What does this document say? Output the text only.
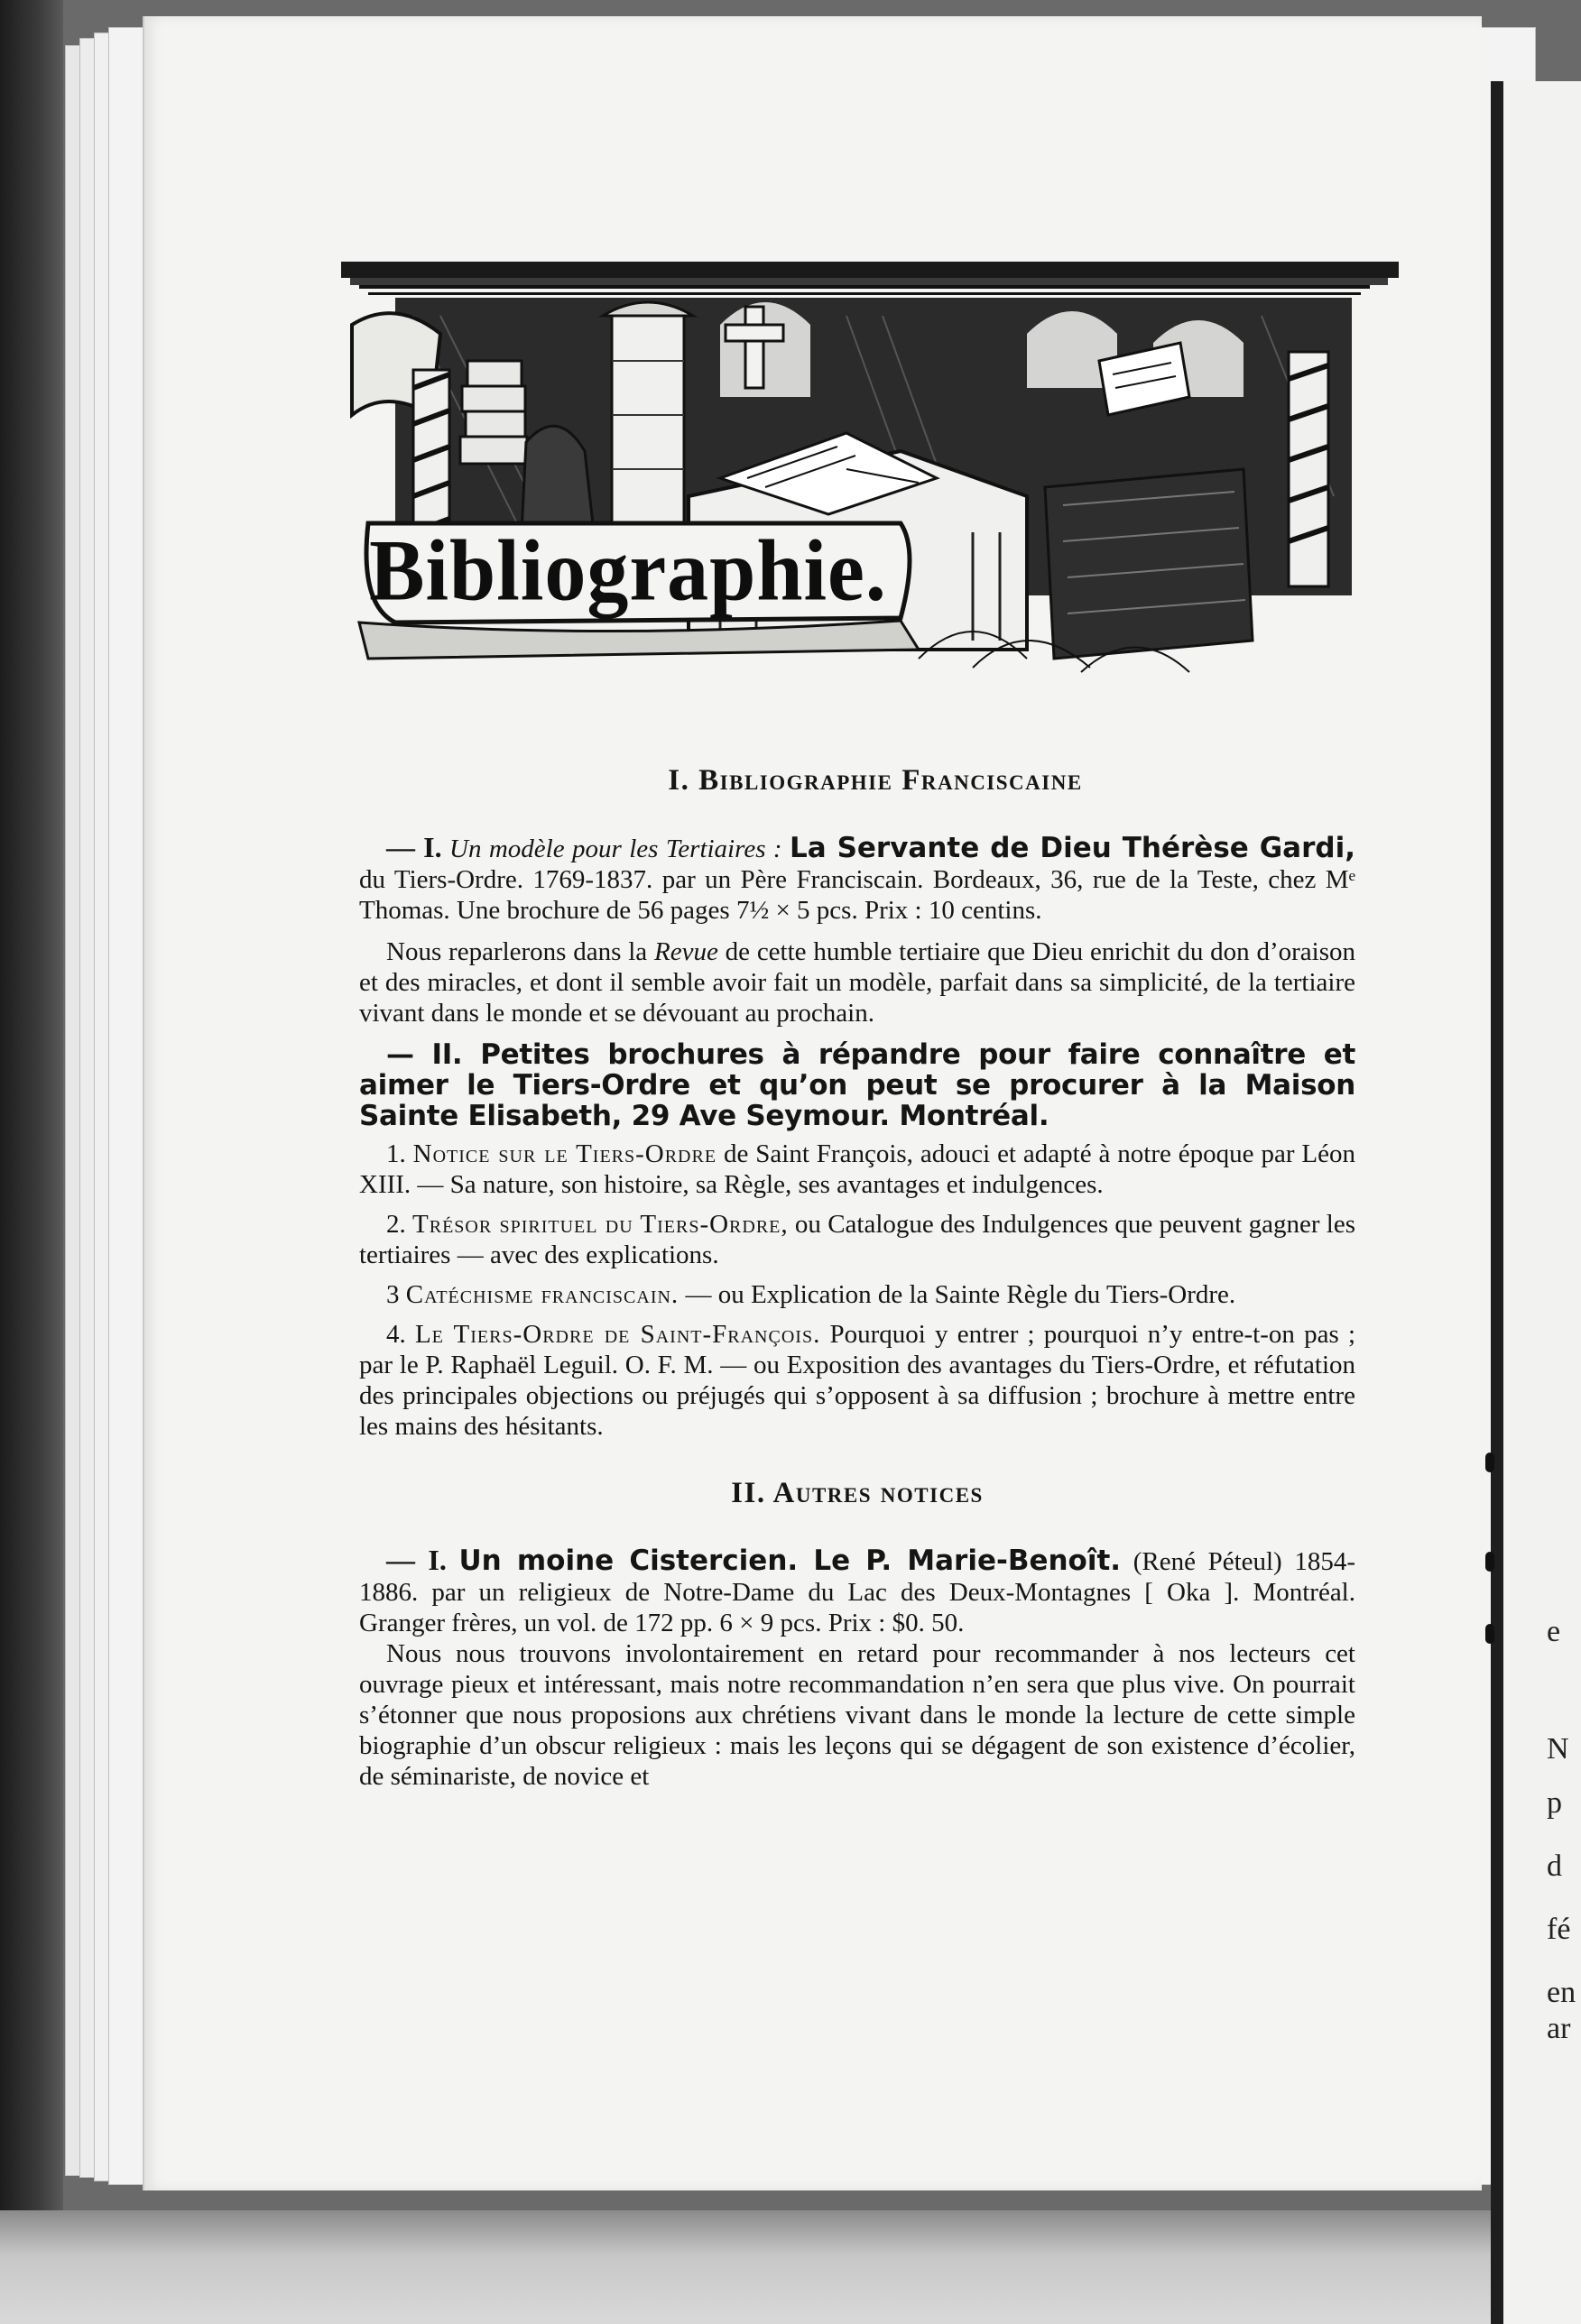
e
N
p
d
fé
en
ar
Bibliographie.
I. Bibliographie Franciscaine

— I. Un modèle pour les Tertiaires : La Servante de Dieu Thérèse Gardi, du Tiers-Ordre. 1769-1837. par un Père Franciscain. Bordeaux, 36, rue de la Teste, chez Mᵉ Thomas. Une brochure de 56 pages 7½ × 5 pcs. Prix : 10 centins.

Nous reparlerons dans la Revue de cette humble tertiaire que Dieu enrichit du don d’oraison et des miracles, et dont il semble avoir fait un modèle, parfait dans sa simplicité, de la tertiaire vivant dans le monde et se dévouant au prochain.

— II. Petites brochures à répandre pour faire connaître et aimer le Tiers-Ordre et qu’on peut se procurer à la Maison Sainte Elisabeth, 29 Ave Seymour. Montréal.

1. Notice sur le Tiers-Ordre de Saint François, adouci et adapté à notre époque par Léon XIII. — Sa nature, son histoire, sa Règle, ses avantages et indulgences.

2. Trésor spirituel du Tiers-Ordre, ou Catalogue des Indulgences que peuvent gagner les tertiaires — avec des explications.

3 Catéchisme franciscain. — ou Explication de la Sainte Règle du Tiers-Ordre.

4. Le Tiers-Ordre de Saint-François. Pourquoi y entrer ; pourquoi n’y entre-t-on pas ; par le P. Raphaël Leguil. O. F. M. — ou Exposition des avantages du Tiers-Ordre, et réfutation des principales objections ou préjugés qui s’opposent à sa diffusion ; brochure à mettre entre les mains des hésitants.

II. Autres notices

— I. Un moine Cistercien. Le P. Marie-Benoît. (René Péteul) 1854-1886. par un religieux de Notre-Dame du Lac des Deux-Montagnes [ Oka ]. Montréal. Granger frères, un vol. de 172 pp. 6 × 9 pcs. Prix : $0. 50.

Nous nous trouvons involontairement en retard pour recommander à nos lecteurs cet ouvrage pieux et intéressant, mais notre recommandation n’en sera que plus vive. On pourrait s’étonner que nous proposions aux chrétiens vivant dans le monde la lecture de cette simple biographie d’un obscur religieux : mais les leçons qui se dégagent de son existence d’écolier, de séminariste, de novice et
